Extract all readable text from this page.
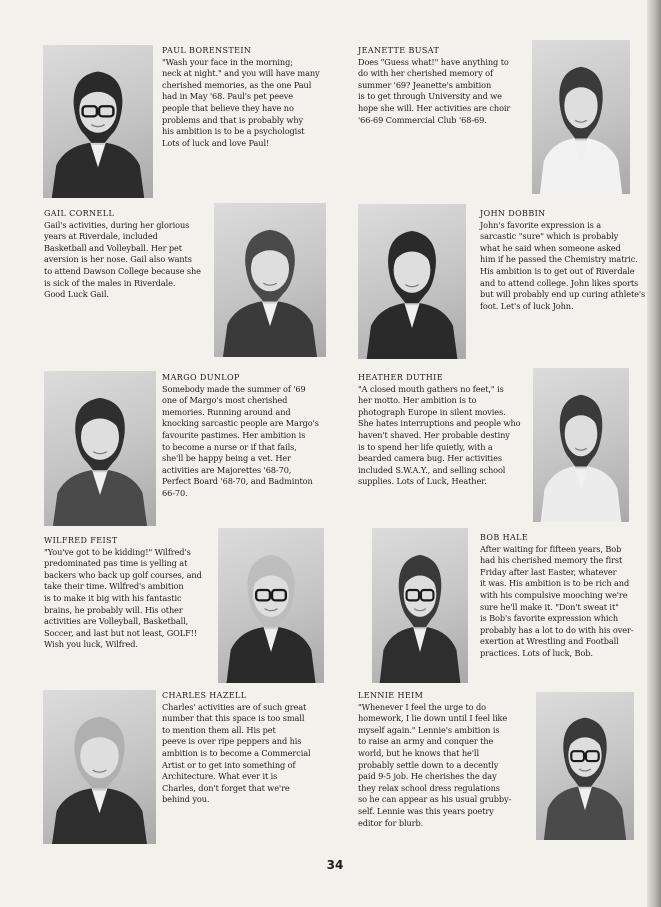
PAUL BORENSTEIN
"Wash your face in the morning;
neck at night." and you will have many
cherished memories, as the one Paul
had in May '68. Paul's pet peeve
people that believe they have no
problems and that is probably why
his ambition is to be a psychologist
Lots of luck and love Paul!
JEANETTE BUSAT
Does "Guess what!" have anything to
do with her cherished memory of
summer '69? Jeanette's ambition
is to get through University and we
hope she will. Her activities are choir
'66-69 Commercial Club '68-69.
GAIL CORNELL
Gail's activities, during her glorious
years at Riverdale, included
Basketball and Volleyball. Her pet
aversion is her nose. Gail also wants
to attend Dawson College because she
is sick of the males in Riverdale.
Good Luck Gail.
JOHN DOBBIN
John's favorite expression is a
sarcastic "sure" which is probably
what he said when someone asked
him if he passed the Chemistry matric.
His ambition is to get out of Riverdale
and to attend college. John likes sports
but will probably end up curing athlete's
foot. Let's of luck John.
MARGO DUNLOP
Somebody made the summer of '69
one of Margo's most cherished
memories. Running around and
knocking sarcastic people are Margo's
favourite pastimes. Her ambition is
to become a nurse or if that fails,
she'll be happy being a vet. Her
activities are Majorettes '68-70,
Perfect Board '68-70, and Badminton
66-70.
HEATHER DUTHIE
"A closed mouth gathers no feet," is
her motto. Her ambition is to
photograph Europe in silent movies.
She hates interruptions and people who
haven't shaved. Her probable destiny
is to spend her life quietly, with a
bearded camera bug. Her activities
included S.W.A.Y., and selling school
supplies. Lots of Luck, Heather.
WILFRED FEIST
"You've got to be kidding!" Wilfred's
predominated pas time is yelling at
backers who back up golf courses, and
take their time. Wilfred's ambition
is to make it big with his fantastic
brains, he probably will. His other
activities are Volleyball, Basketball,
Soccer, and last but not least, GOLF!!
Wish you luck, Wilfred.
BOB HALE
After waiting for fifteen years, Bob
had his cherished memory the first
Friday after last Easter, whatever
it was. His ambition is to be rich and
with his compulsive mooching we're
sure he'll make it. "Don't sweat it"
is Bob's favorite expression which
probably has a lot to do with his over-
exertion at Wrestling and Football
practices. Lots of luck, Bob.
CHARLES HAZELL
Charles' activities are of such great
number that this space is too small
to mention them all. His pet
peeve is over ripe peppers and his
ambition is to become a Commercial
Artist or to get into something of
Architecture. What ever it is
Charles, don't forget that we're
behind you.
LENNIE HEIM
"Whenever I feel the urge to do
homework, I lie down until I feel like
myself again." Lennie's ambition is
to raise an army and conquer the
world, but he knows that he'll
probably settle down to a decently
paid 9-5 job. He cherishes the day
they relax school dress regulations
so he can appear as his usual grubby-
self. Lennie was this years poetry
editor for blurb.
34
